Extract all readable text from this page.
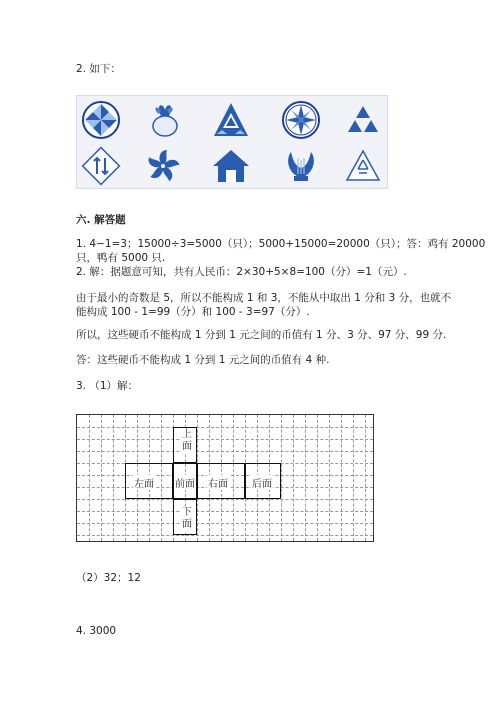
2. 如下：
六. 解答题
1. 4−1=3；15000÷3=5000（只）；5000+15000=20000（只）；答：鸡有 20000
只，鸭有 5000 只.
2. 解：据题意可知，共有人民币：2×30+5×8=100（分）=1（元）.
由于最小的奇数是 5，所以不能构成 1 和 3，不能从中取出 1 分和 3 分，也就不
能构成 100 - 1=99（分）和 100 - 3=97（分）.
所以，这些硬币不能构成 1 分到 1 元之间的币值有 1 分、3 分、97 分、99 分.
答：这些硬币不能构成 1 分到 1 元之间的币值有 4 种.
3. （1）解：
上面
左面 前面 右面 后面
下面
（2）32；12
4. 3000
